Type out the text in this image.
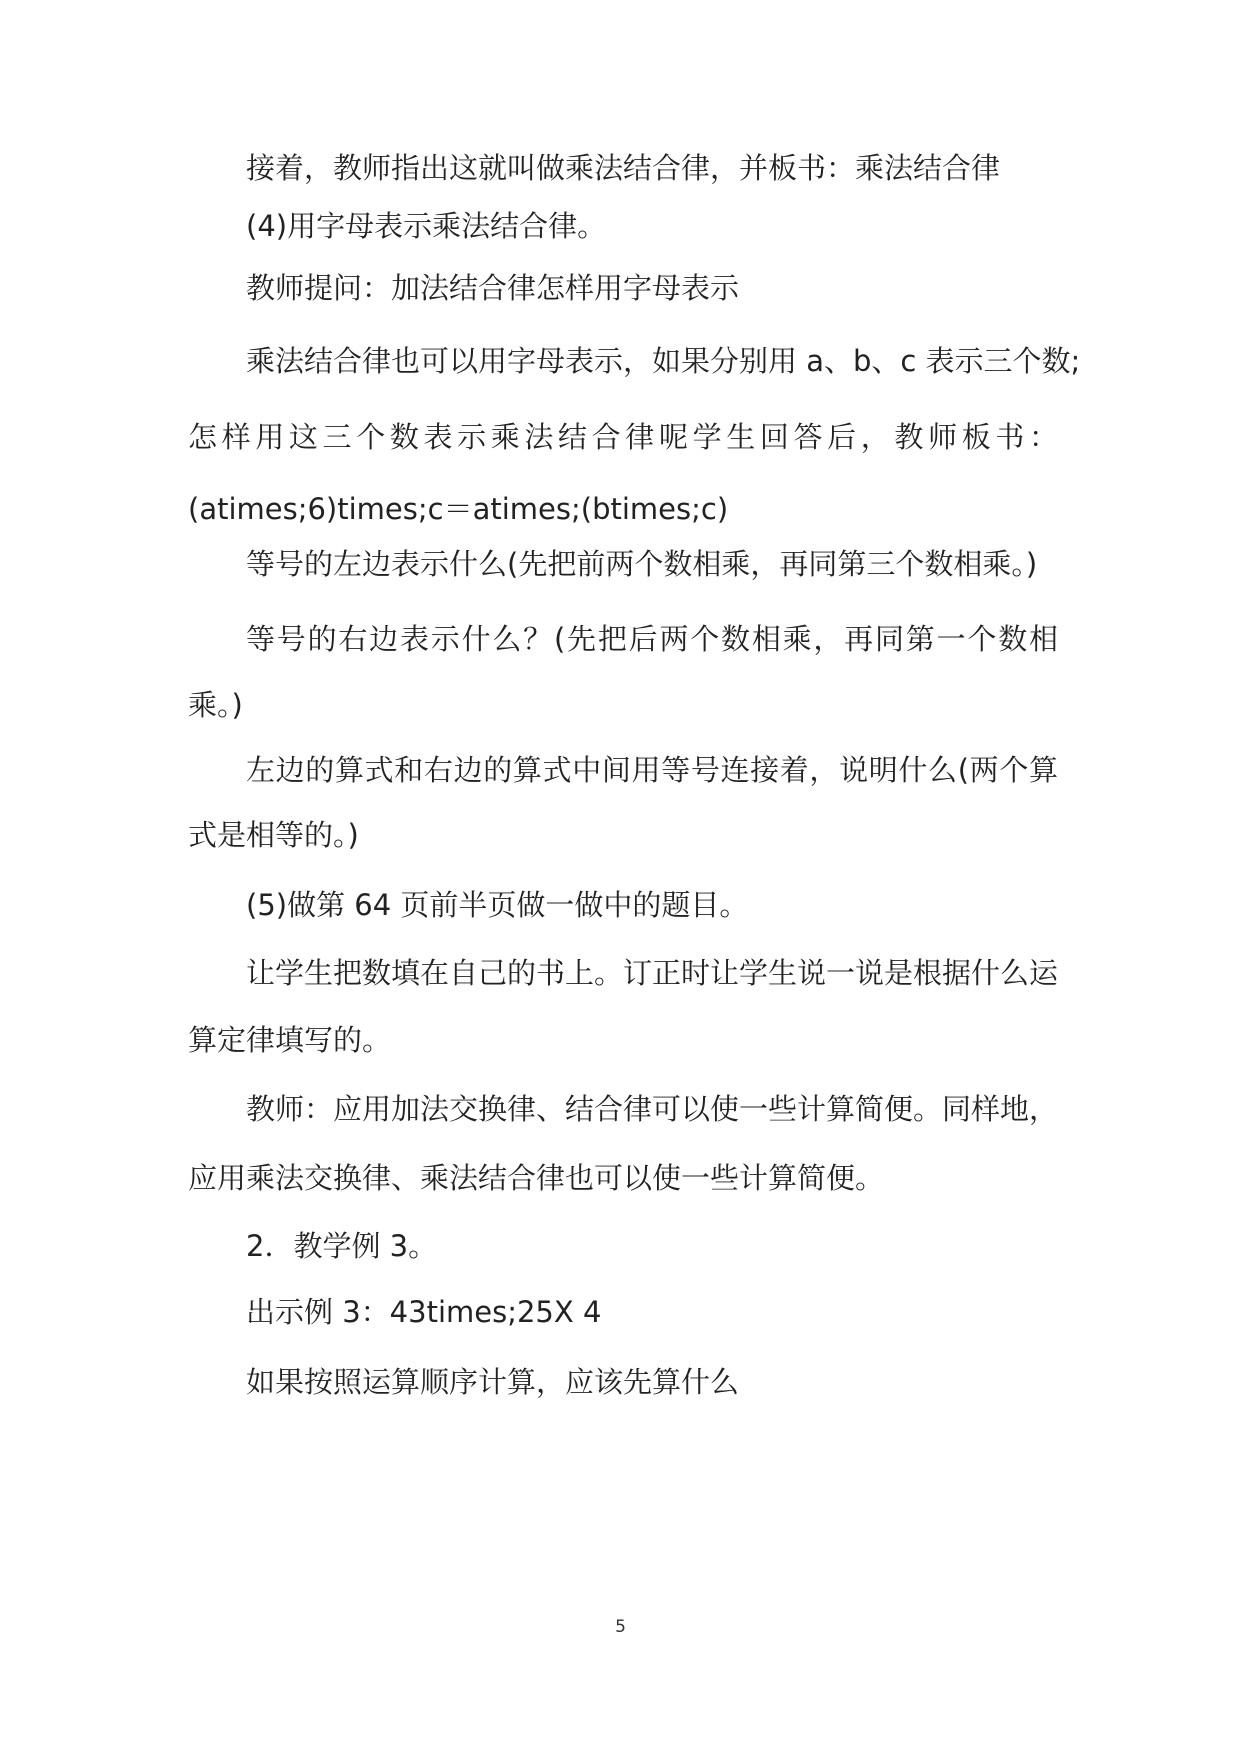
接着，教师指出这就叫做乘法结合律，并板书：乘法结合律
(4)用字母表示乘法结合律。
教师提问：加法结合律怎样用字母表示
乘法结合律也可以用字母表示，如果分别用 a、b、c 表示三个数;
怎样用这三个数表示乘法结合律呢学生回答后，教师板书：
(atimes;6)times;c＝atimes;(btimes;c)
等号的左边表示什么(先把前两个数相乘，再同第三个数相乘。)
等号的右边表示什么？(先把后两个数相乘，再同第一个数相
乘。)
左边的算式和右边的算式中间用等号连接着，说明什么(两个算
式是相等的。)
(5)做第 64 页前半页做一做中的题目。
让学生把数填在自己的书上。订正时让学生说一说是根据什么运
算定律填写的。
教师：应用加法交换律、结合律可以使一些计算简便。同样地，
应用乘法交换律、乘法结合律也可以使一些计算简便。
2．教学例 3。
出示例 3：43times;25X 4
如果按照运算顺序计算，应该先算什么
5
